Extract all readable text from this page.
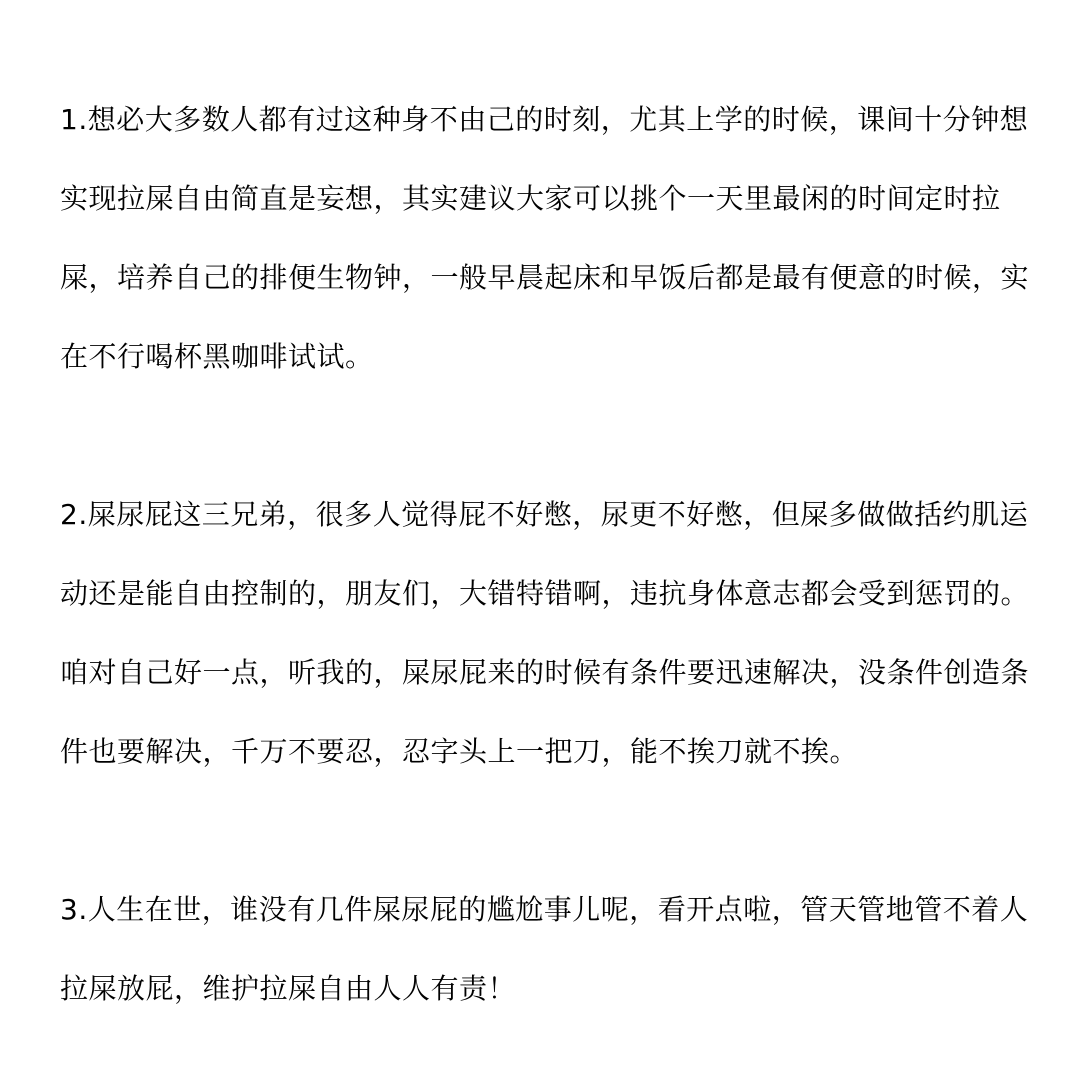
1.想必大多数人都有过这种身不由己的时刻，尤其上学的时候，课间十分钟想实现拉屎自由简直是妄想，其实建议大家可以挑个一天里最闲的时间定时拉屎，培养自己的排便生物钟，一般早晨起床和早饭后都是最有便意的时候，实在不行喝杯黑咖啡试试。

2.屎尿屁这三兄弟，很多人觉得屁不好憋，尿更不好憋，但屎多做做括约肌运动还是能自由控制的，朋友们，大错特错啊，违抗身体意志都会受到惩罚的。咱对自己好一点，听我的，屎尿屁来的时候有条件要迅速解决，没条件创造条件也要解决，千万不要忍，忍字头上一把刀，能不挨刀就不挨。

3.人生在世，谁没有几件屎尿屁的尴尬事儿呢，看开点啦，管天管地管不着人拉屎放屁，维护拉屎自由人人有责！
